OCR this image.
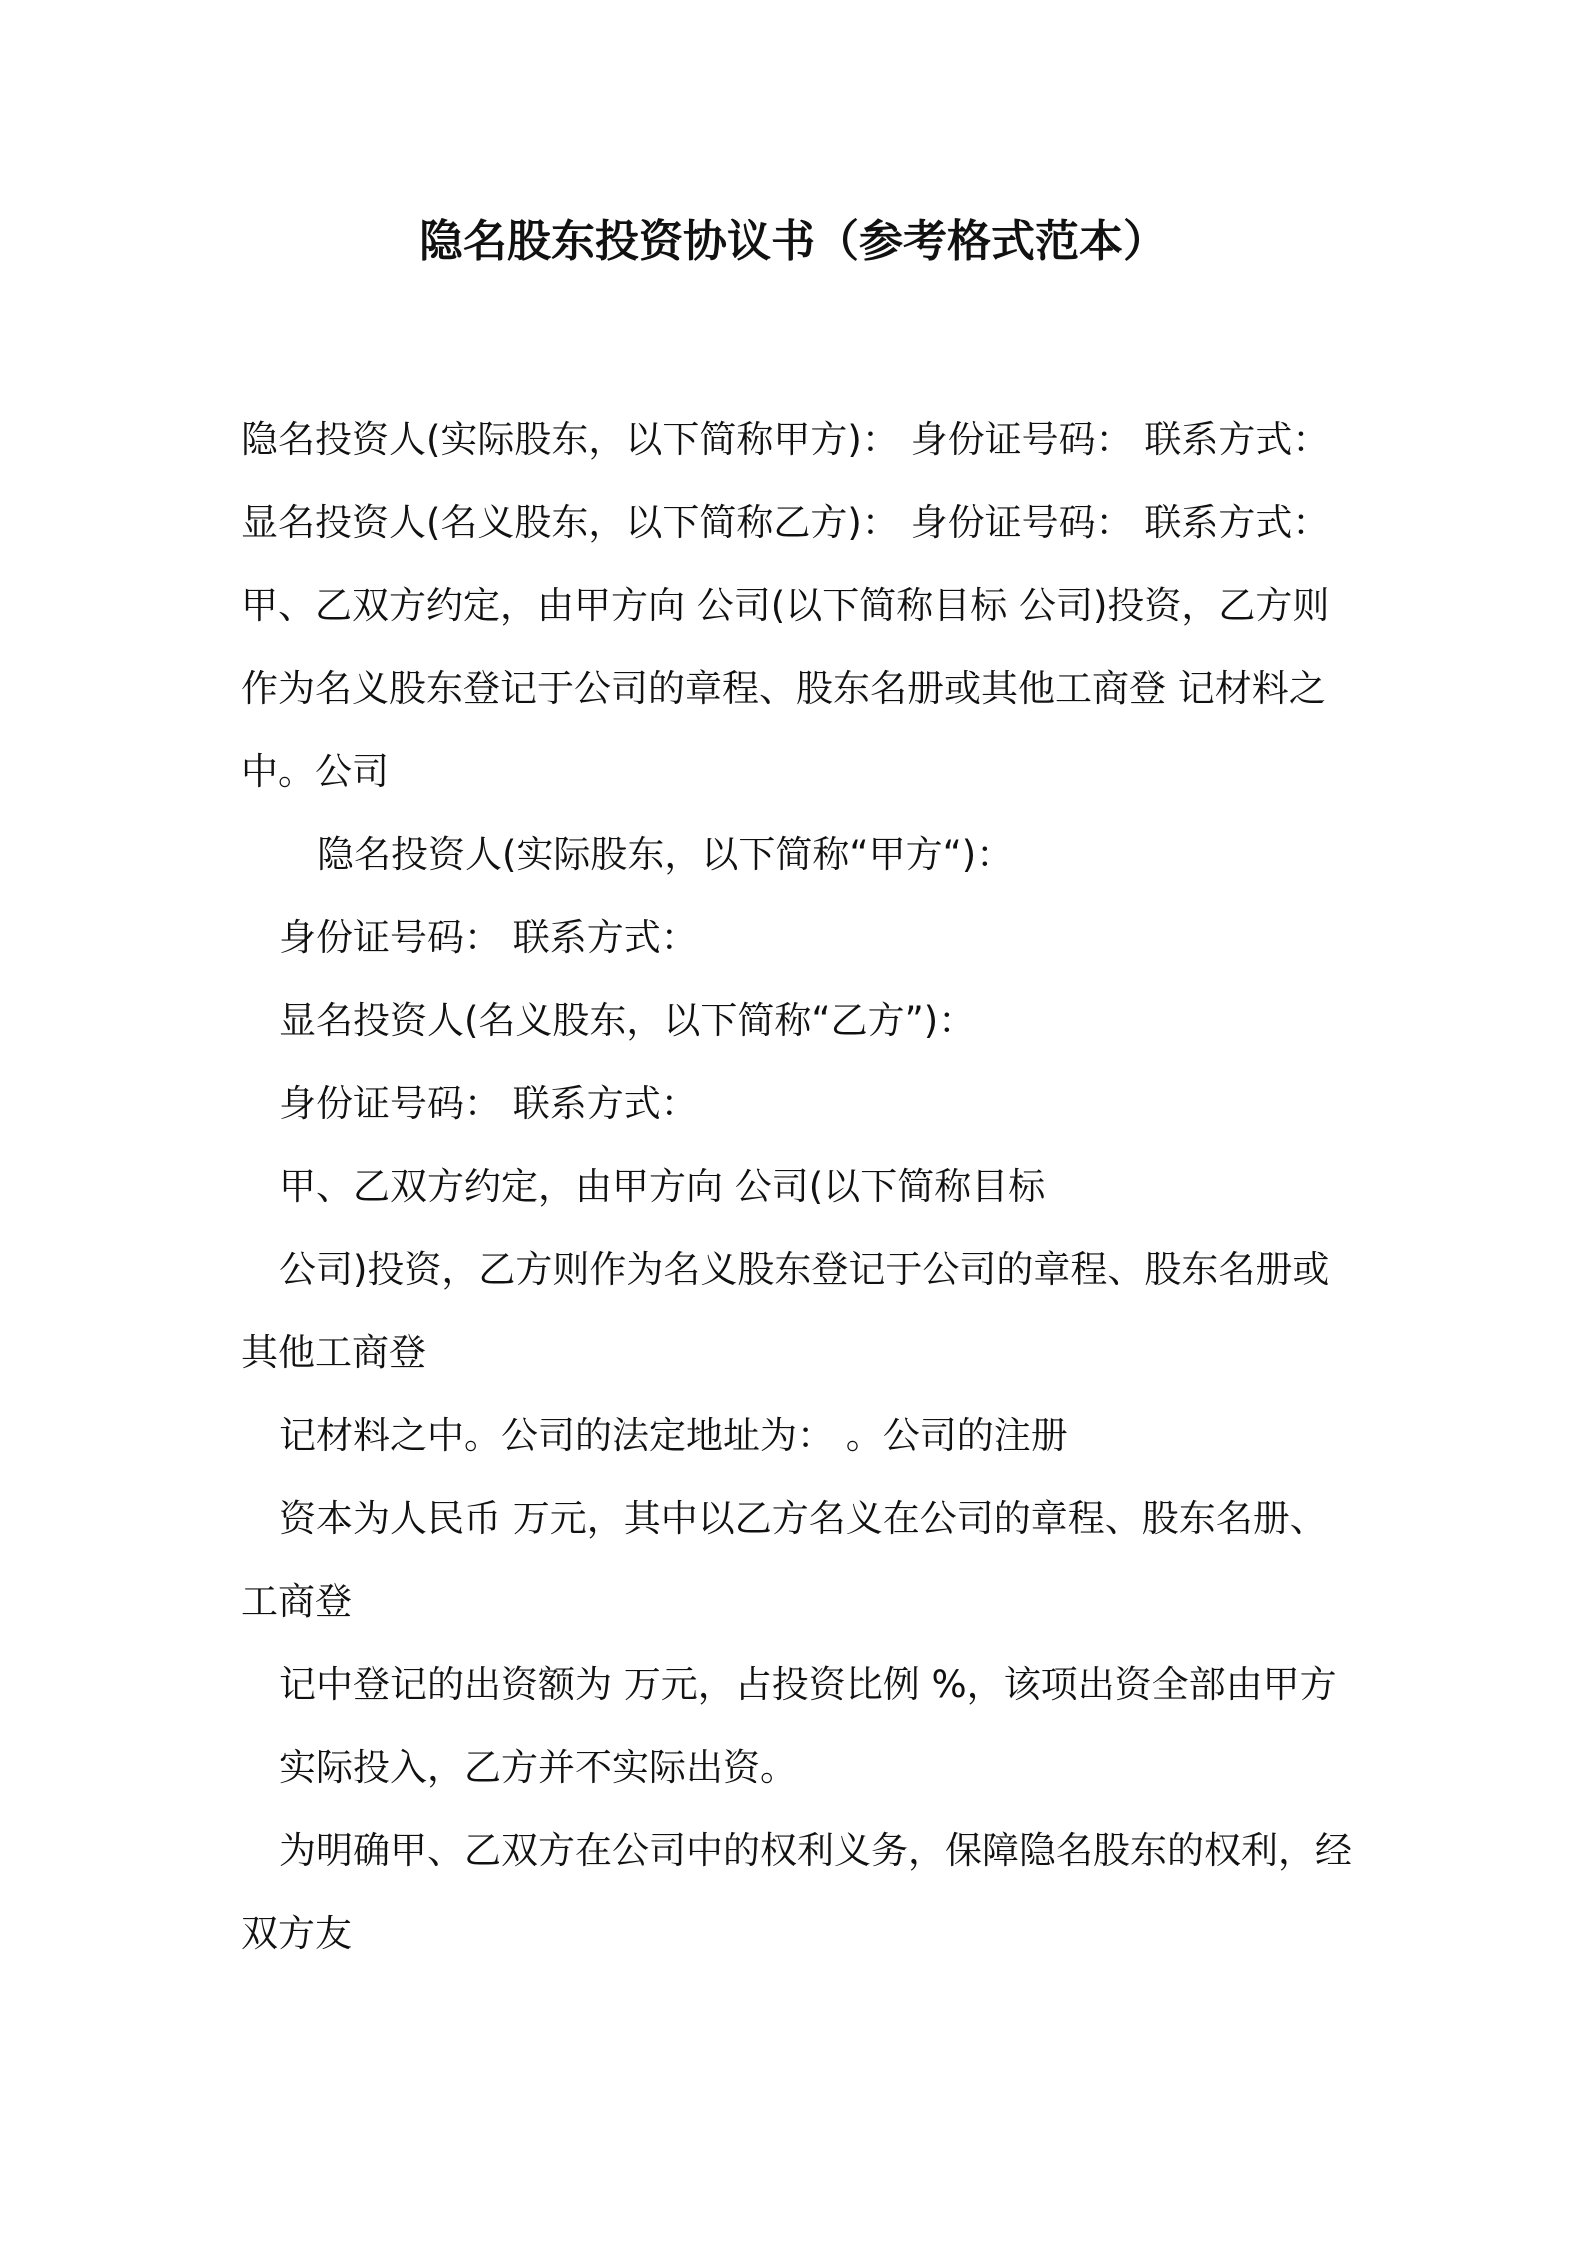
隐名股东投资协议书（参考格式范本）

隐名投资人(实际股东，以下简称甲方)： 身份证号码： 联系方式：

显名投资人(名义股东，以下简称乙方)： 身份证号码： 联系方式：

甲、乙双方约定，由甲方向 公司(以下简称目标 公司)投资，乙方则

作为名义股东登记于公司的章程、股东名册或其他工商登 记材料之

中。公司

隐名投资人(实际股东，以下简称“甲方“)：

身份证号码： 联系方式：

显名投资人(名义股东，以下简称“乙方”)：

身份证号码： 联系方式：

甲、乙双方约定，由甲方向 公司(以下简称目标

公司)投资，乙方则作为名义股东登记于公司的章程、股东名册或

其他工商登

记材料之中。公司的法定地址为： 。公司的注册

资本为人民币 万元，其中以乙方名义在公司的章程、股东名册、

工商登

记中登记的出资额为 万元，占投资比例 %，该项出资全部由甲方

实际投入，乙方并不实际出资。

为明确甲、乙双方在公司中的权利义务，保障隐名股东的权利，经

双方友
